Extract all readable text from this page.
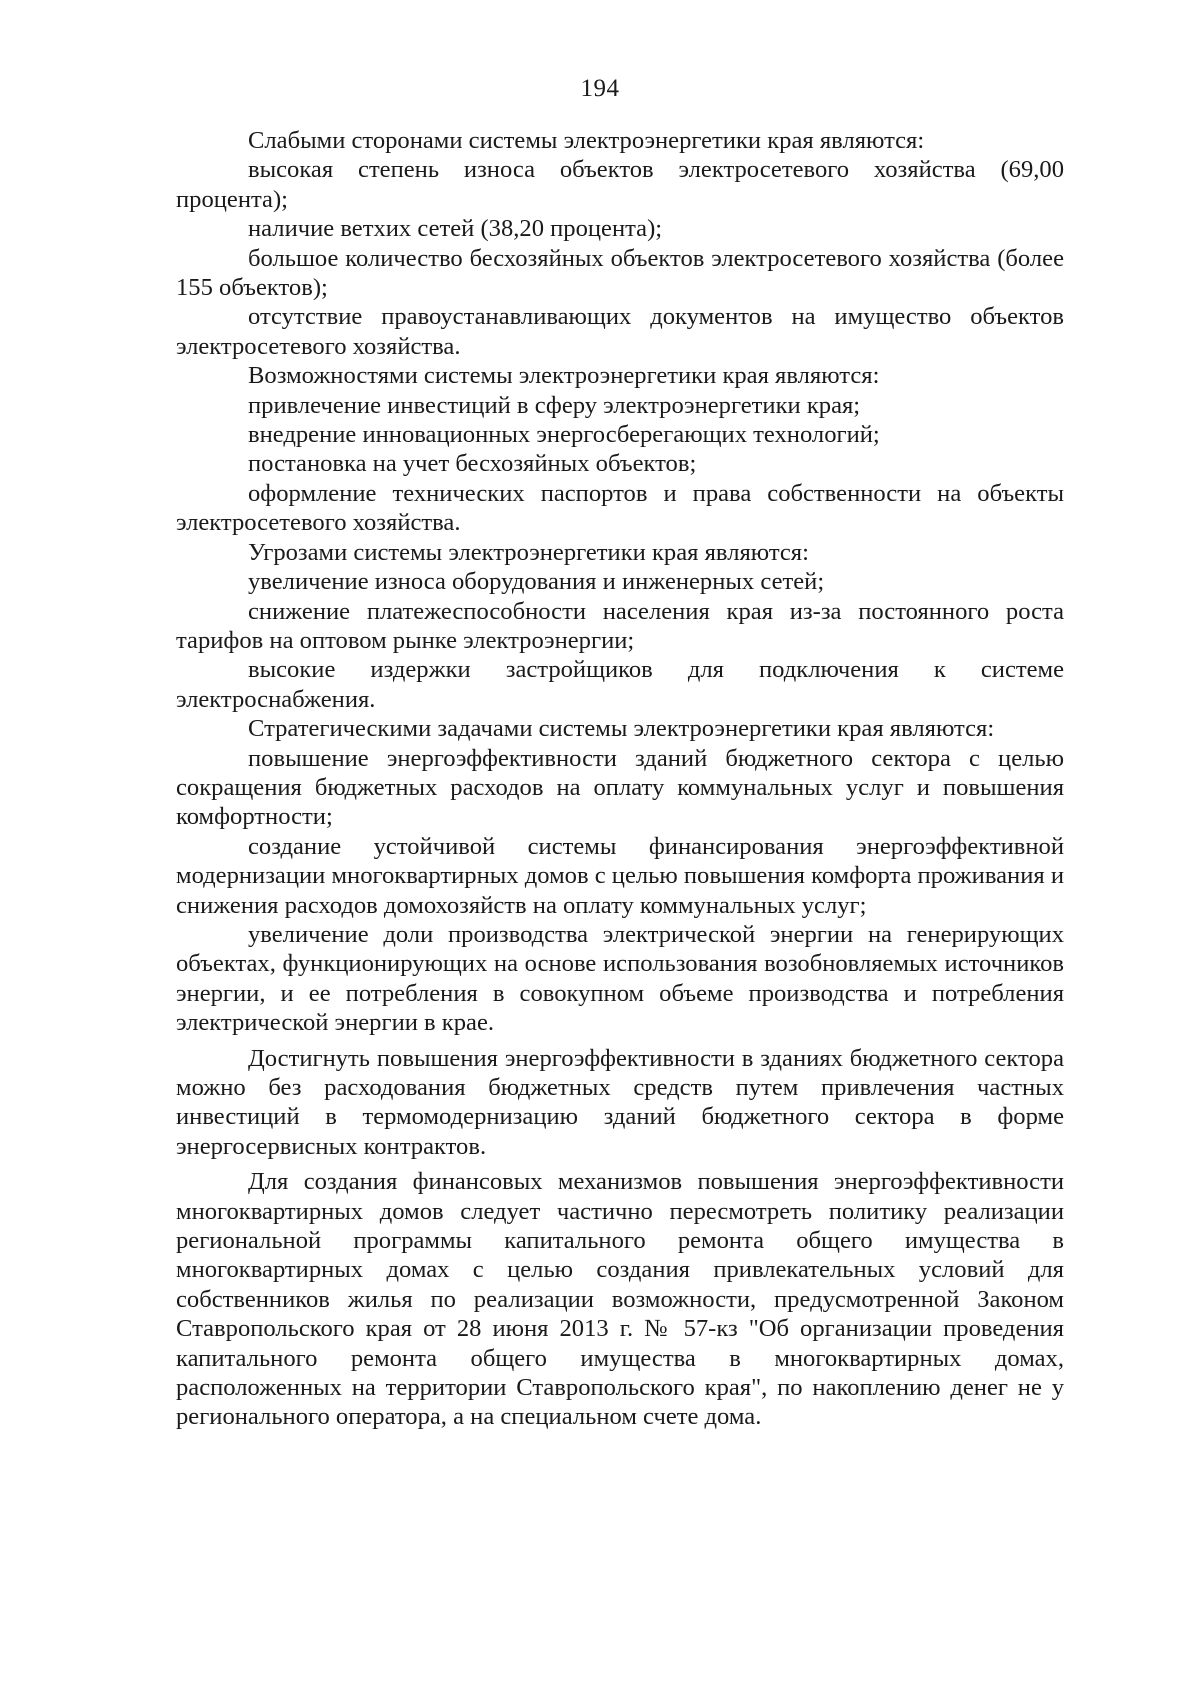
194

Слабыми сторонами системы электроэнергетики края являются:

высокая степень износа объектов электросетевого хозяйства (69,00 процента);

наличие ветхих сетей (38,20 процента);

большое количество бесхозяйных объектов электросетевого хозяйства (более 155 объектов);

отсутствие правоустанавливающих документов на имущество объектов электросетевого хозяйства.

Возможностями системы электроэнергетики края являются:

привлечение инвестиций в сферу электроэнергетики края;

внедрение инновационных энергосберегающих технологий;

постановка на учет бесхозяйных объектов;

оформление технических паспортов и права собственности на объекты электросетевого хозяйства.

Угрозами системы электроэнергетики края являются:

увеличение износа оборудования и инженерных сетей;

снижение платежеспособности населения края из-за постоянного роста тарифов на оптовом рынке электроэнергии;

высокие издержки застройщиков для подключения к системе электроснабжения.

Стратегическими задачами системы электроэнергетики края являются:

повышение энергоэффективности зданий бюджетного сектора с целью сокращения бюджетных расходов на оплату коммунальных услуг и повышения комфортности;

создание устойчивой системы финансирования энергоэффективной модернизации многоквартирных домов с целью повышения комфорта проживания и снижения расходов домохозяйств на оплату коммунальных услуг;

увеличение доли производства электрической энергии на генерирующих объектах, функционирующих на основе использования возобновляемых источников энергии, и ее потребления в совокупном объеме производства и потребления электрической энергии в крае.

Достигнуть повышения энергоэффективности в зданиях бюджетного сектора можно без расходования бюджетных средств путем привлечения частных инвестиций в термомодернизацию зданий бюджетного сектора в форме энергосервисных контрактов.

Для создания финансовых механизмов повышения энергоэффективности многоквартирных домов следует частично пересмотреть политику реализации региональной программы капитального ремонта общего имущества в многоквартирных домах с целью создания привлекательных условий для собственников жилья по реализации возможности, предусмотренной Законом Ставропольского края от 28 июня 2013 г. № 57-кз "Об организации проведения капитального ремонта общего имущества в многоквартирных домах, расположенных на территории Ставропольского края", по накоплению денег не у регионального оператора, а на специальном счете дома.
